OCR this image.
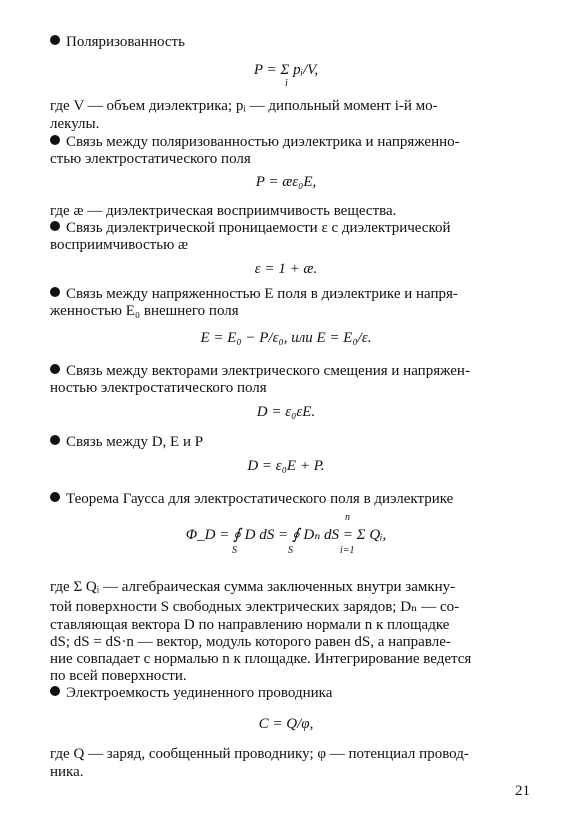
Поляризованность
P = Σ pᵢ/V,
i
где V — объем диэлектрика; pᵢ — дипольный момент i-й мо-
лекулы.
Связь между поляризованностью диэлектрика и напряженно-
стью электростатического поля
P = æε₀E,
где æ — диэлектрическая восприимчивость вещества.
Связь диэлектрической проницаемости ε с диэлектрической
восприимчивостью æ
ε = 1 + æ.
Связь между напряженностью E поля в диэлектрике и напря-
женностью E₀ внешнего поля
E = E₀ − P/ε₀, или E = E₀/ε.
Связь между векторами электрического смещения и напряжен-
ностью электростатического поля
D = ε₀εE.
Связь между D, E и P
D = ε₀E + P.
Теорема Гаусса для электростатического поля в диэлектрике
n
Φ_D = ∮ D dS = ∮ Dₙ dS = Σ Qᵢ,
S	S	i=1
где Σ Qᵢ — алгебраическая сумма заключенных внутри замкну-
той поверхности S свободных электрических зарядов; Dₙ — со-
ставляющая вектора D по направлению нормали n к площадке
dS; dS = dS·n — вектор, модуль которого равен dS, а направле-
ние совпадает с нормалью n к площадке. Интегрирование ведется
по всей поверхности.
Электроемкость уединенного проводника
C = Q/φ,
где Q — заряд, сообщенный проводнику; φ — потенциал провод-
ника.
21
